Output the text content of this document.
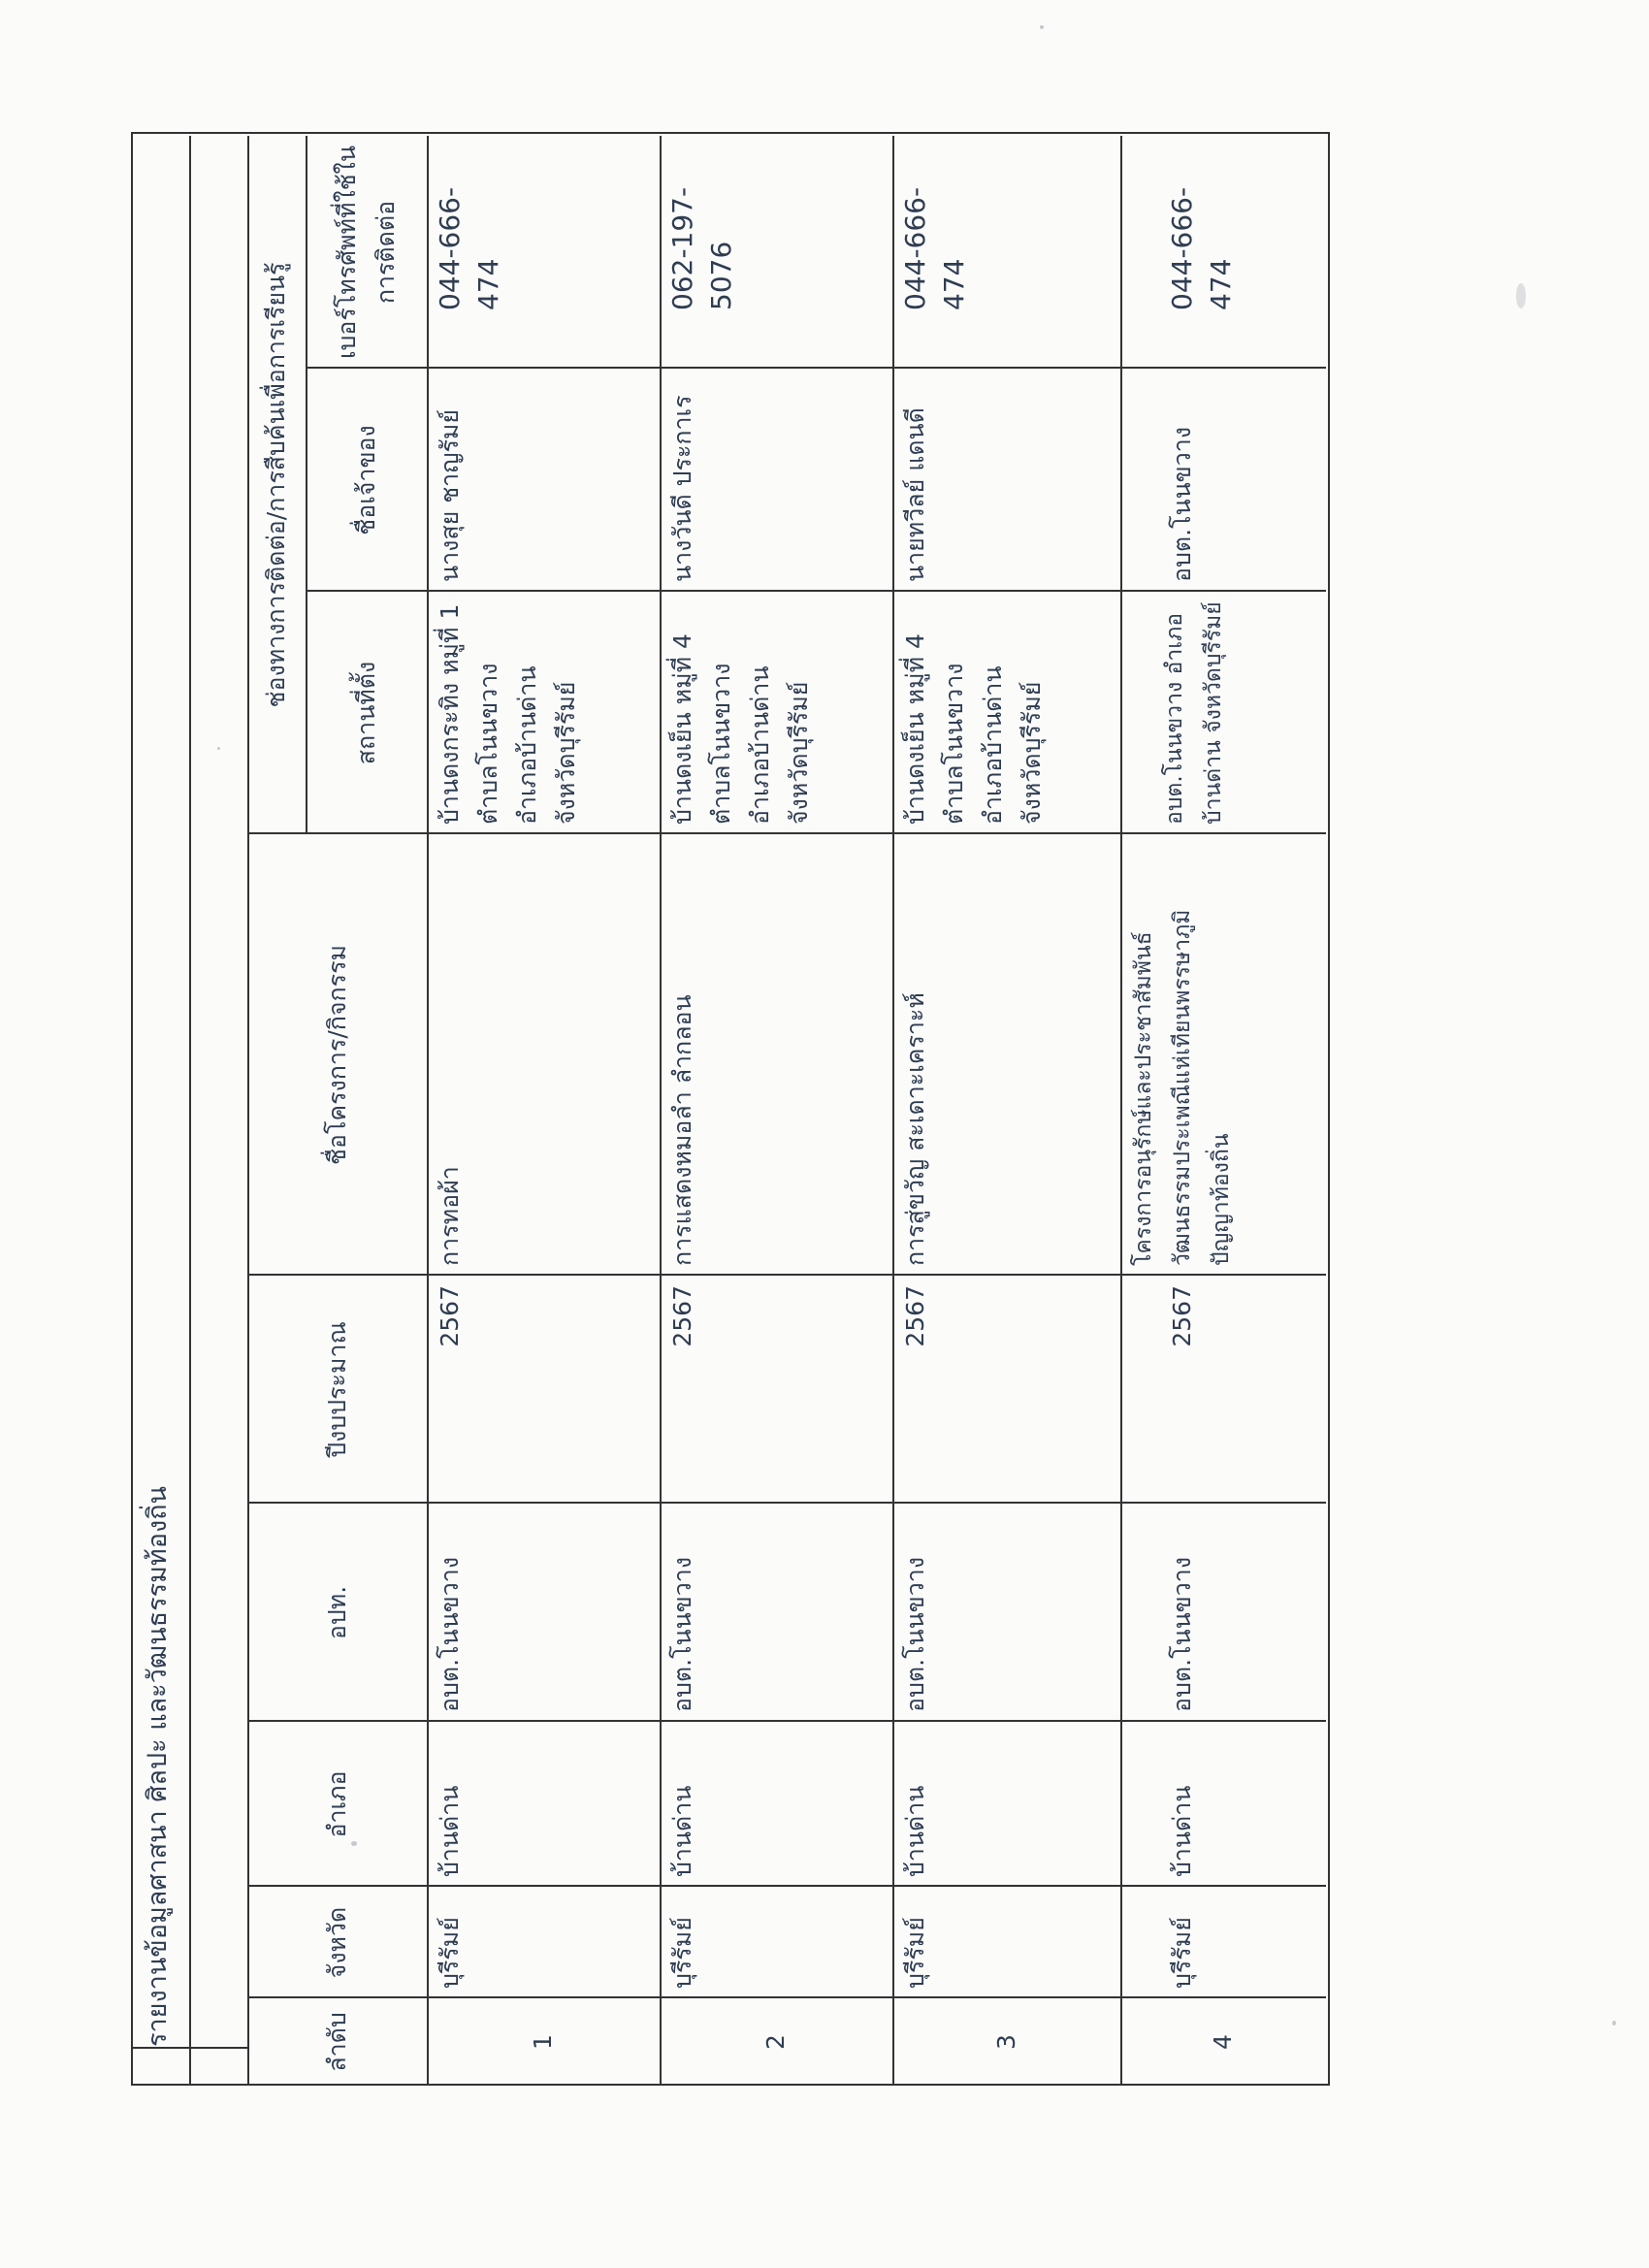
รายงานข้อมูลศาสนา ศิลปะ และวัฒนธรรมท้องถิ่น	ลำดับ
จังหวัด
อำเภอ
อปท.
ปีงบประมาณ
ชื่อโครงการ/กิจกรรม
ช่องทางการติดต่อ/การสืบค้นเพื่อการเรียนรู้
สถานที่ตั้ง
ชื่อเจ้าของ
เบอร์โทรศัพท์ที่ใช้ในการติดต่อ
1
บุรีรัมย์
บ้านด่าน
อบต.โนนขวาง
2567
การทอผ้า
บ้านดงกระทิง หมู่ที่ 1 ตำบลโนนขวาง อำเภอบ้านด่าน จังหวัดบุรีรัมย์
นางสุย ชาญรัมย์
044-666-474
2
บุรีรัมย์
บ้านด่าน
อบต.โนนขวาง
2567
การแสดงหมอลำ ลำกลอน
บ้านดงเย็น หมู่ที่ 4 ตำบลโนนขวาง อำเภอบ้านด่าน จังหวัดบุรีรัมย์
นางวันดี ประกาเร
062-197-5076
3
บุรีรัมย์
บ้านด่าน
อบต.โนนขวาง
2567
การสู่ขวัญ สะเดาะเคราะห์
บ้านดงเย็น หมู่ที่ 4 ตำบลโนนขวาง อำเภอบ้านด่าน จังหวัดบุรีรัมย์
นายทวีลย์ แดนดี
044-666-474
4
บุรีรัมย์
บ้านด่าน
อบต.โนนขวาง
2567
โครงการอนุรักษ์และประชาสัมพันธ์ วัฒนธรรมประเพณีแห่เทียนพรรษาภูมิ ปัญญาท้องถิ่น
อบต.โนนขวาง อำเภอ บ้านด่าน จังหวัดบุรีรัมย์
อบต.โนนขวาง
044-666-474
